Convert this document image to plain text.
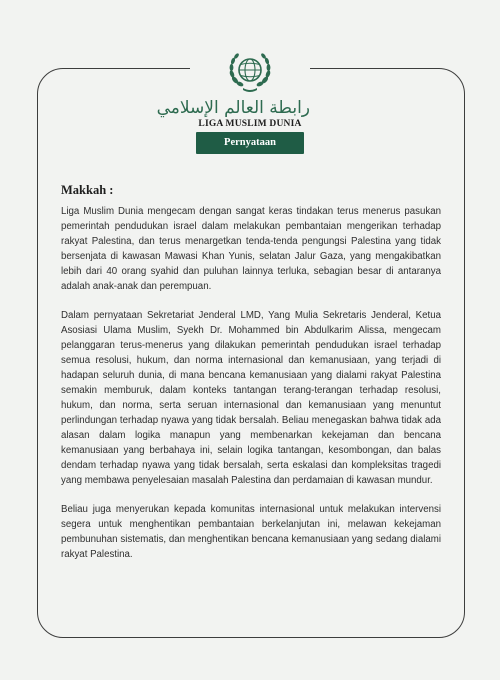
رابطة العالم الإسلامي
LIGA MUSLIM DUNIA
Pernyataan

Makkah :

Liga Muslim Dunia mengecam dengan sangat keras tindakan terus menerus pasukan pemerintah pendudukan israel dalam melakukan pembantaian mengerikan terhadap rakyat Palestina, dan terus menargetkan tenda-tenda pengungsi Palestina yang tidak bersenjata di kawasan Mawasi Khan Yunis, selatan Jalur Gaza, yang mengakibatkan lebih dari 40 orang syahid dan puluhan lainnya terluka, sebagian besar di antaranya adalah anak-anak dan perempuan.

Dalam pernyataan Sekretariat Jenderal LMD, Yang Mulia Sekretaris Jenderal, Ketua Asosiasi Ulama Muslim, Syekh Dr. Mohammed bin Abdulkarim Alissa, mengecam pelanggaran terus-menerus yang dilakukan pemerintah pendudukan israel terhadap semua resolusi, hukum, dan norma internasional dan kemanusiaan, yang terjadi di hadapan seluruh dunia, di mana bencana kemanusiaan yang dialami rakyat Palestina semakin memburuk, dalam konteks tantangan terang-terangan terhadap resolusi, hukum, dan norma, serta seruan internasional dan kemanusiaan yang menuntut perlindungan terhadap nyawa yang tidak bersalah. Beliau menegaskan bahwa tidak ada alasan dalam logika manapun yang membenarkan kekejaman dan bencana kemanusiaan yang berbahaya ini, selain logika tantangan, kesombongan, dan balas dendam terhadap nyawa yang tidak bersalah, serta eskalasi dan kompleksitas tragedi yang membawa penyelesaian masalah Palestina dan perdamaian di kawasan mundur.

Beliau juga menyerukan kepada komunitas internasional untuk melakukan intervensi segera untuk menghentikan pembantaian berkelanjutan ini, melawan kekejaman pembunuhan sistematis, dan menghentikan bencana kemanusiaan yang sedang dialami rakyat Palestina.
